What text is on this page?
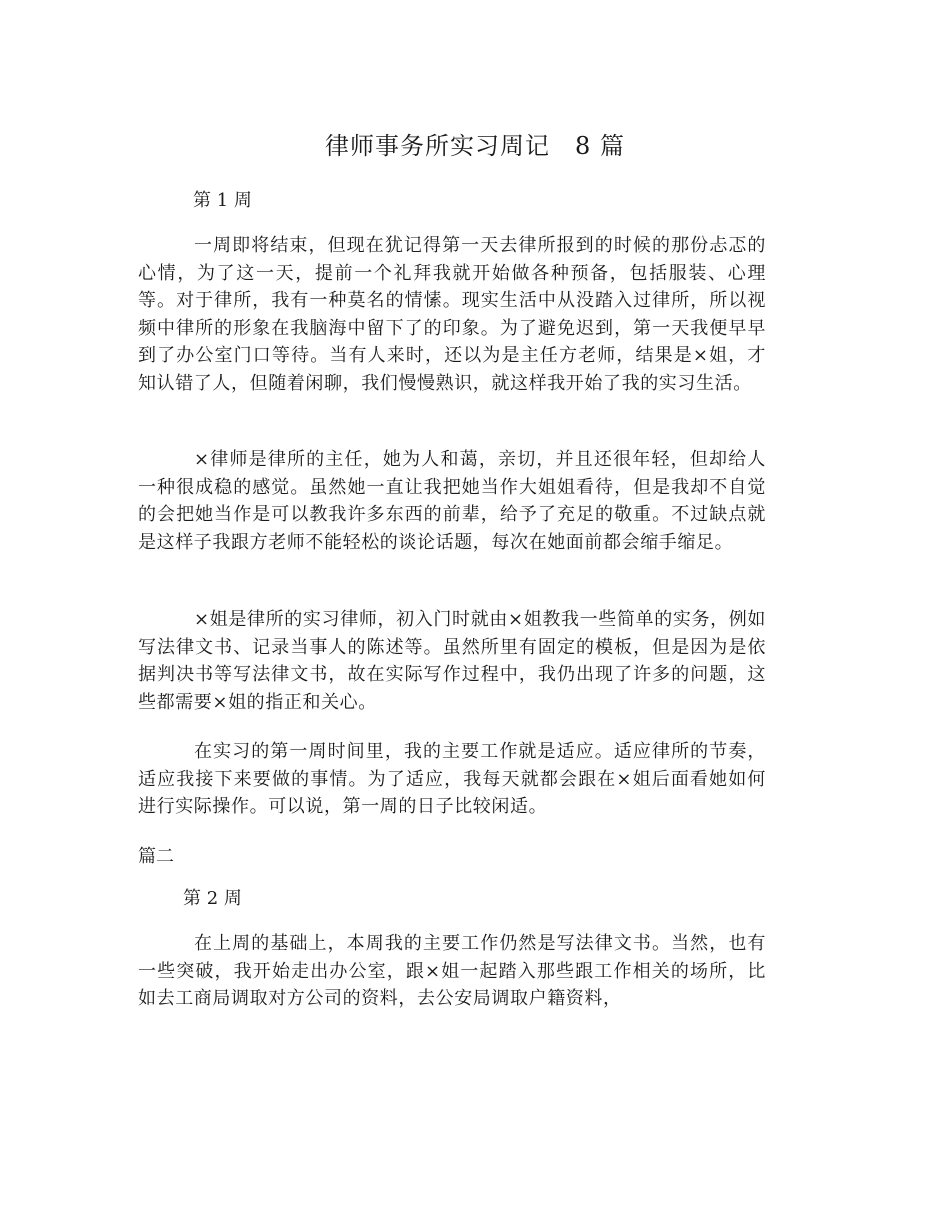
律师事务所实习周记　8 篇
第 1 周
一周即将结束，但现在犹记得第一天去律所报到的时候的那份忐忑的心情，为了这一天，提前一个礼拜我就开始做各种预备，包括服装、心理等。对于律所，我有一种莫名的情愫。现实生活中从没踏入过律所，所以视频中律所的形象在我脑海中留下了的印象。为了避免迟到，第一天我便早早到了办公室门口等待。当有人来时，还以为是主任方老师，结果是×姐，才知认错了人，但随着闲聊，我们慢慢熟识，就这样我开始了我的实习生活。
×律师是律所的主任，她为人和蔼，亲切，并且还很年轻，但却给人一种很成稳的感觉。虽然她一直让我把她当作大姐姐看待，但是我却不自觉的会把她当作是可以教我许多东西的前辈，给予了充足的敬重。不过缺点就是这样子我跟方老师不能轻松的谈论话题，每次在她面前都会缩手缩足。
×姐是律所的实习律师，初入门时就由×姐教我一些简单的实务，例如写法律文书、记录当事人的陈述等。虽然所里有固定的模板，但是因为是依据判决书等写法律文书，故在实际写作过程中，我仍出现了许多的问题，这些都需要×姐的指正和关心。
在实习的第一周时间里，我的主要工作就是适应。适应律所的节奏，适应我接下来要做的事情。为了适应，我每天就都会跟在×姐后面看她如何进行实际操作。可以说，第一周的日子比较闲适。
篇二
第 2 周
在上周的基础上，本周我的主要工作仍然是写法律文书。当然，也有一些突破，我开始走出办公室，跟×姐一起踏入那些跟工作相关的场所，比如去工商局调取对方公司的资料，去公安局调取户籍资料，
